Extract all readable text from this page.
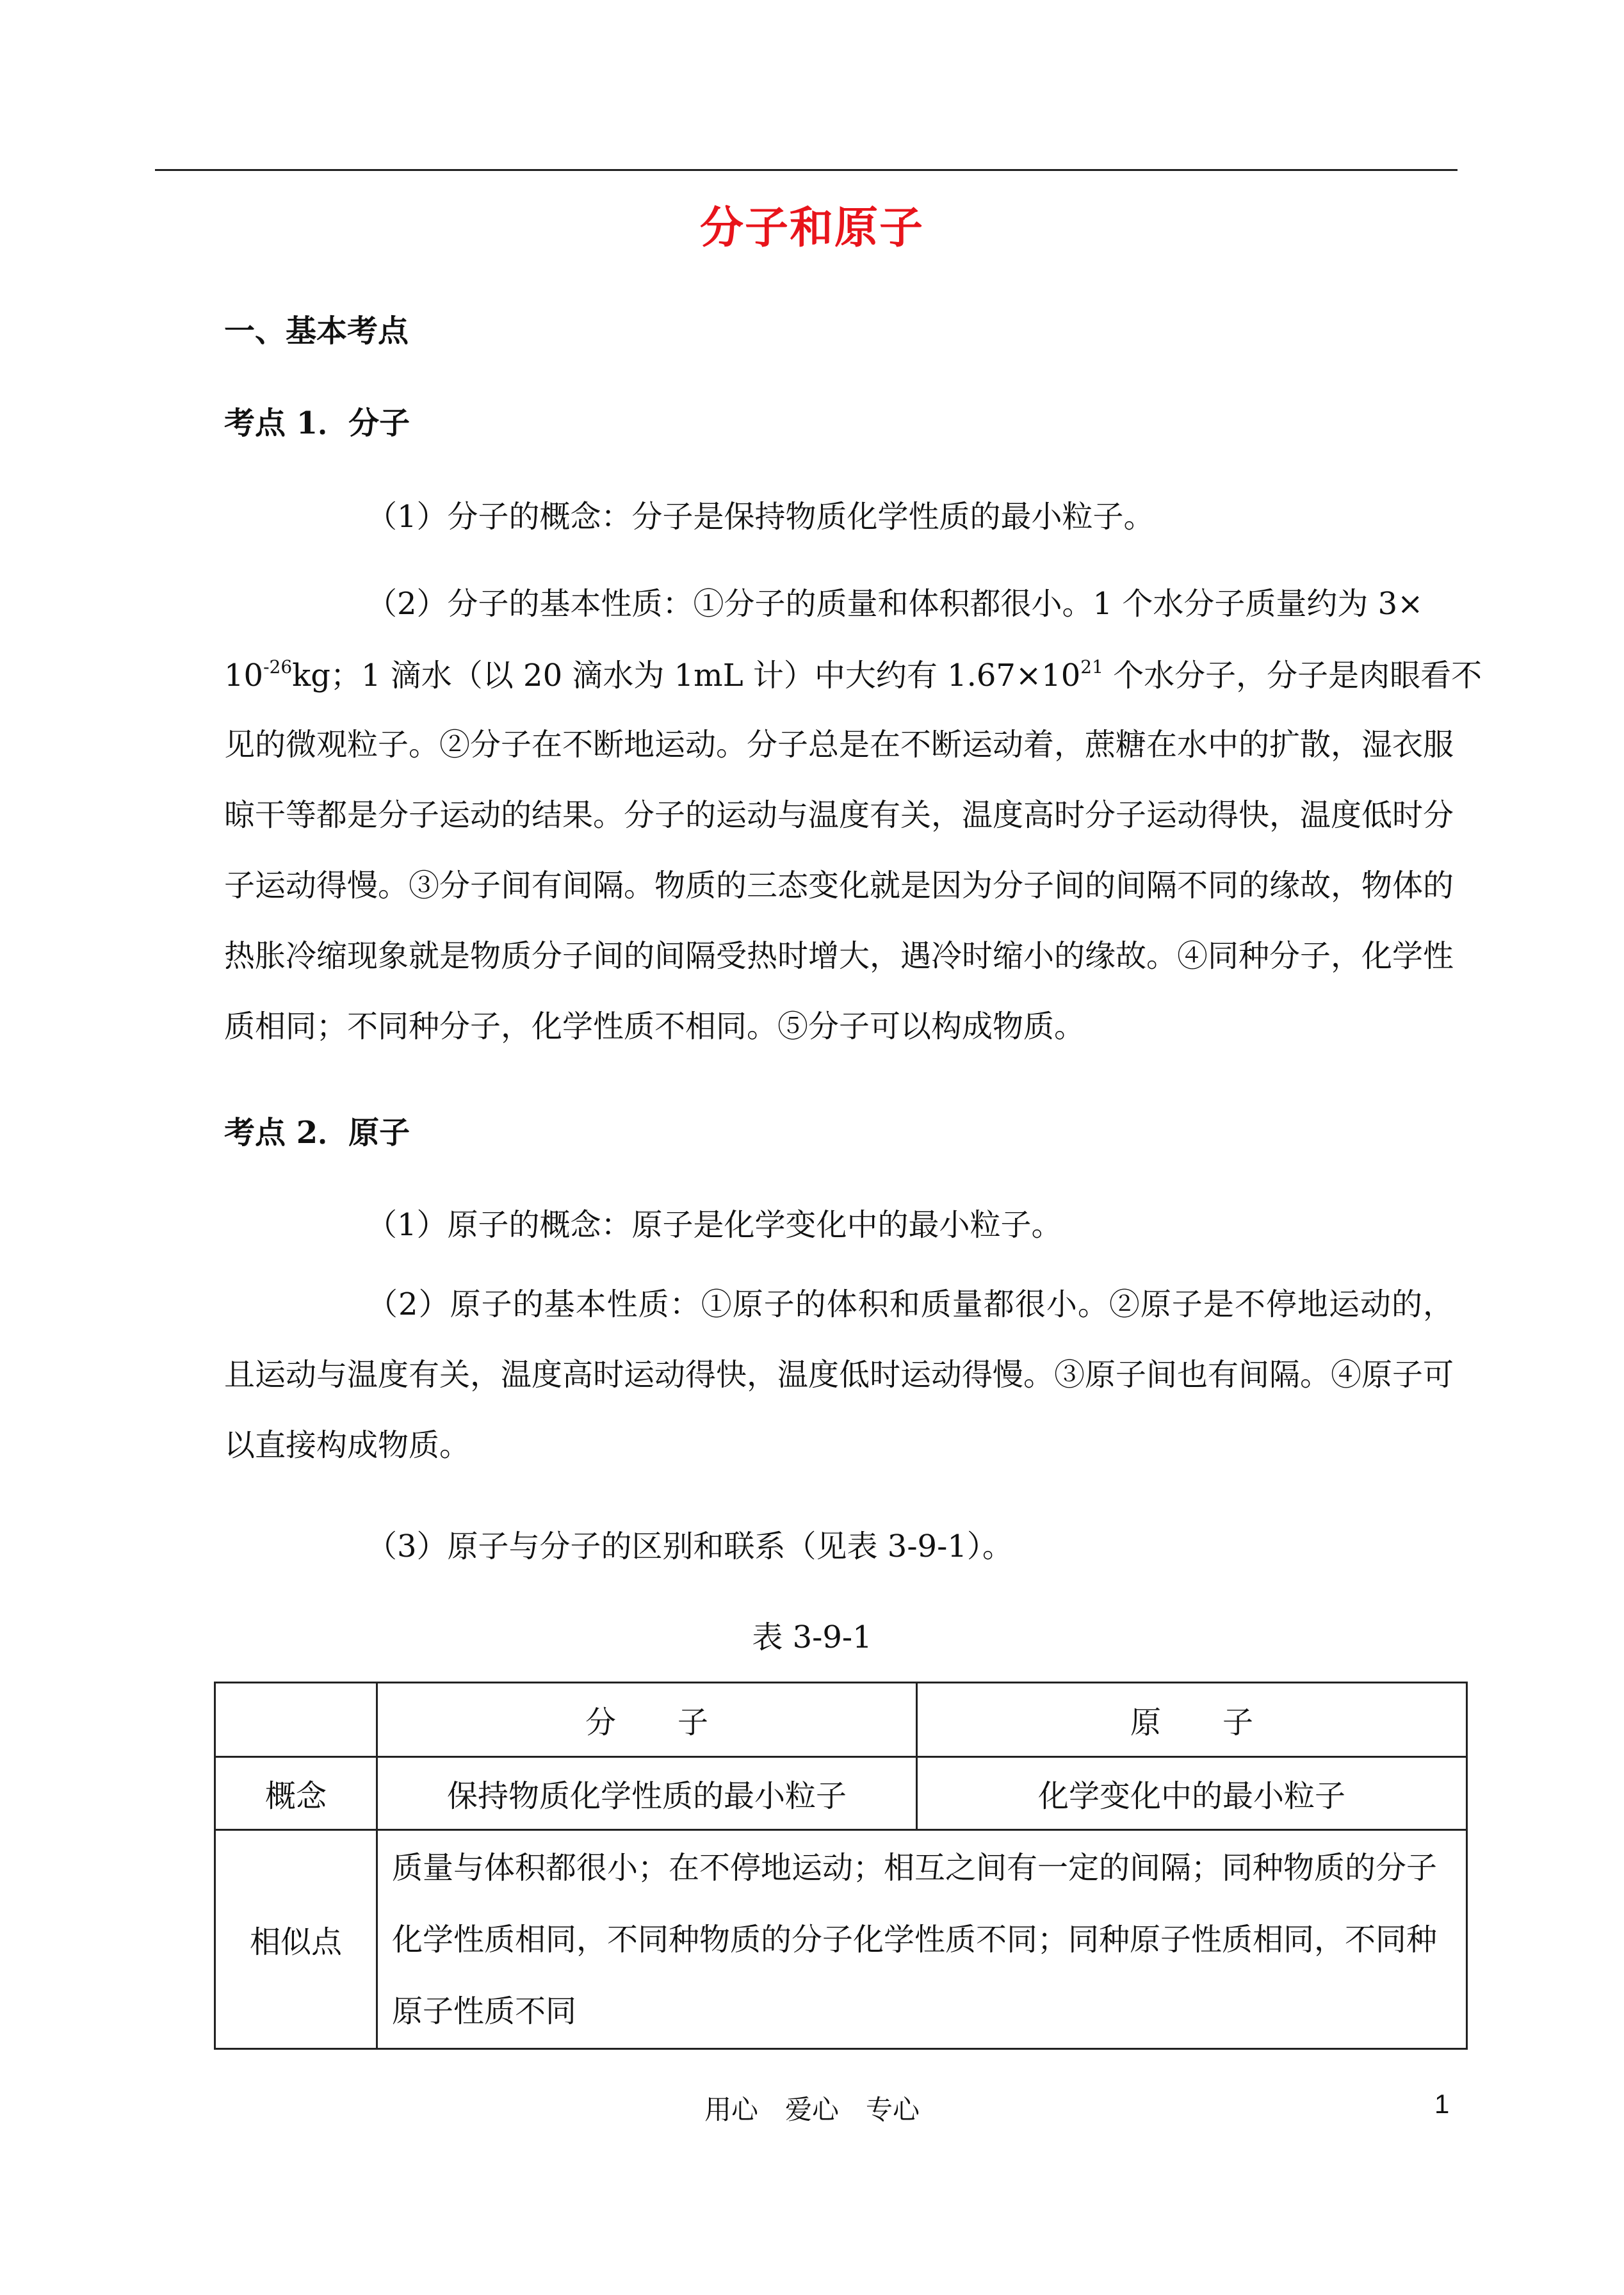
分子和原子
一、基本考点
考点 1．分子
（1）分子的概念：分子是保持物质化学性质的最小粒子。
（2）分子的基本性质：①分子的质量和体积都很小。1 个水分子质量约为 3×
$10^{-26}kg$；1 滴水（以 20 滴水为 1mL 计）中大约有 $1.67\times 10^{21}$ 个水分子，分子是肉眼看不
见的微观粒子。②分子在不断地运动。分子总是在不断运动着，蔗糖在水中的扩散，湿衣服晾干等都是分子运动的结果。分子的运动与温度有关，温度高时分子运动得快，温度低时分子运动得慢。③分子间有间隔。物质的三态变化就是因为分子间的间隔不同的缘故，物体的热胀冷缩现象就是物质分子间的间隔受热时增大，遇冷时缩小的缘故。④同种分子，化学性质相同；不同种分子，化学性质不相同。⑤分子可以构成物质。
考点 2．原子
（1）原子的概念：原子是化学变化中的最小粒子。
（2）原子的基本性质：①原子的体积和质量都很小。②原子是不停地运动的，且运动与温度有关，温度高时运动得快，温度低时运动得慢。③原子间也有间隔。④原子可以直接构成物质。
（3）原子与分子的区别和联系（见表 3-9-1）。
表 3-9-1
	分　　子	原　　子
概念	保持物质化学性质的最小粒子	化学变化中的最小粒子
相似点	质量与体积都很小；在不停地运动；相互之间有一定的间隔；同种物质的分子化学性质相同，不同种物质的分子化学性质不同；同种原子性质相同，不同种原子性质不同	
用心　爱心　专心	1
